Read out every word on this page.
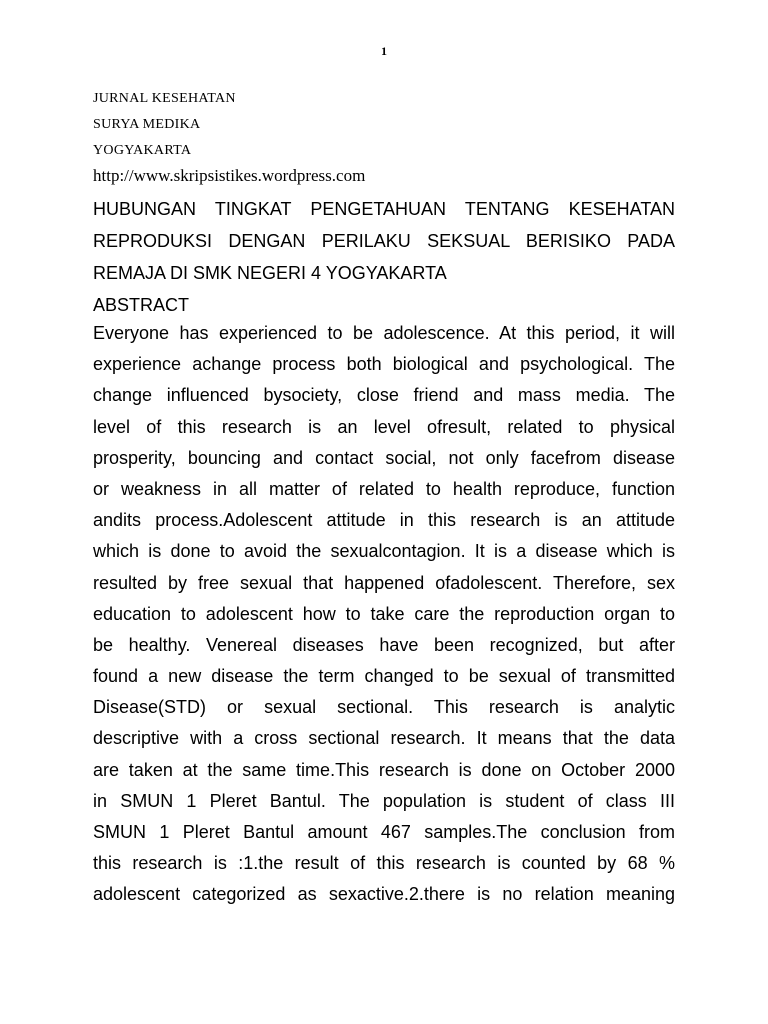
1
JURNAL KESEHATAN
SURYA MEDIKA
YOGYAKARTA
http://www.skripsistikes.wordpress.com
HUBUNGAN TINGKAT PENGETAHUAN TENTANG KESEHATAN
REPRODUKSI DENGAN PERILAKU SEKSUAL BERISIKO PADA
REMAJA DI SMK NEGERI 4 YOGYAKARTA
ABSTRACT
Everyone has experienced to be adolescence. At this period, it will
experience achange process both biological and psychological. The
change influenced bysociety, close friend and mass media. The
level of this research is an level ofresult, related to physical
prosperity, bouncing and contact social, not only facefrom disease
or weakness in all matter of related to health reproduce, function
andits process.Adolescent attitude in this research is an attitude
which is done to avoid the sexualcontagion. It is a disease which is
resulted by free sexual that happened ofadolescent. Therefore, sex
education to adolescent how to take care the reproduction organ to
be healthy. Venereal diseases have been recognized, but after
found a new disease the term changed to be sexual of transmitted
Disease(STD) or sexual sectional. This research is analytic
descriptive with a cross sectional research. It means that the data
are taken at the same time.This research is done on October 2000
in SMUN 1 Pleret Bantul. The population is student of class III
SMUN 1 Pleret Bantul amount 467 samples.The conclusion from
this research is :1.the result of this research is counted by 68 %
adolescent categorized as sexactive.2.there is no relation meaning
